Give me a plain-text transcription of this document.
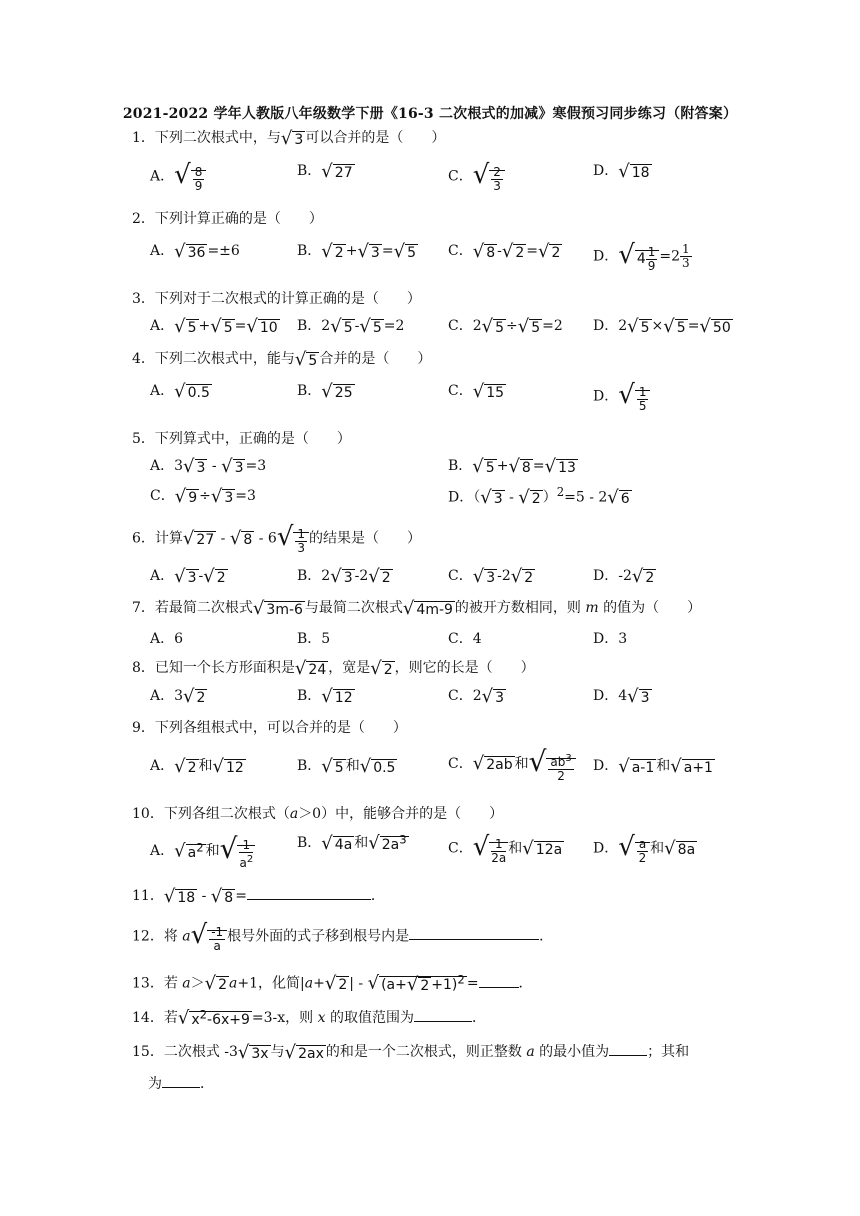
2021-2022 学年人教版八年级数学下册《16-3 二次根式的加减》寒假预习同步练习（附答案）
1．下列二次根式中，与√ 3 可以合并的是（　　）
A．√ $\frac{8}{9}$	B．√ 27	C．√ $\frac{2}{3}$	D．√ 18
2．下列计算正确的是（　　）
A．√ 36 =±6	B．√ 2 +√ 3 =√ 5 C．√ 8 -√ 2 =√ 2 D．√ $4 \frac{1}{9} =2 \frac{1}{3}$
3．下列对于二次根式的计算正确的是（　　）
A．√ 5 +√ 5 =√ 10 B．2√ 5 -√ 5 =2	C．2√ 5 ÷√ 5 =2 D．2√ 5 ×√ 5 =√ 50
4．下列二次根式中，能与√ 5 合并的是（　　）
A．√ 0.5	B．√ 25	C．√ 15	D．√ $\frac{1}{5}$
5．下列算式中，正确的是（　　）
A．3√ 3 - √ 3 =3	B．√ 5 +√ 8 =√ 13
C．√ 9 ÷√ 3 =3	D．（√ 3 - √ 2 ）$^2$=5 - 2√ 6
6．计算√ 27 - √ $8 - 6√ \frac{1}{3}$ 的结果是（　　）
A．√ 3 -√ 2	B．2√ 3 -2√ 2	C．√ 3 -2√ 2	D．-2√ 2
7．若最简二次根式√ 3m-6 与最简二次根式√ 4m-9 的被开方数相同，则 m 的值为（　　）
A．6	B．5	C．4	D．3
8．已知一个长方形面积是√ 24 ，宽是√ 2 ，则它的长是（　　）
A．3√ 2	B．√ 12	C．2√ 3	D．4√ 3
9．下列各组根式中，可以合并的是（　　）
A．√ 2 和√ 12	B．√ 5 和√ 0.5	C．√ 2ab 和√ $\frac{ab^3}{2}$ D．√ a-1 和√ a+1
10．下列各组二次根式（a＞0）中，能够合并的是（　　）
A．√ $a^2$ 和√ $\frac{1}{a^2}$	B．√ 4a 和√ $2a^3$
C．√ $\frac{1}{2a}$ 和√ 12a D．√ $\frac{a}{2}$ 和√ 8a
11．√ 18 - √ 8 =	．
12．将 $a√ \frac{-1}{a}$ 根号外面的式子移到根号内是	．
13．若 a＞√ 2 a+1，化简|a+√ 2 | - √ (a+√ 2 +1)$^2$ =	．
14．若√ $x^2-6x+9 =3-x$，则 x 的取值范围为	．
15．二次根式 -3√ 3x 与√ 2ax 的和是一个二次根式，则正整数 a 的最小值为	；其和
为	．
